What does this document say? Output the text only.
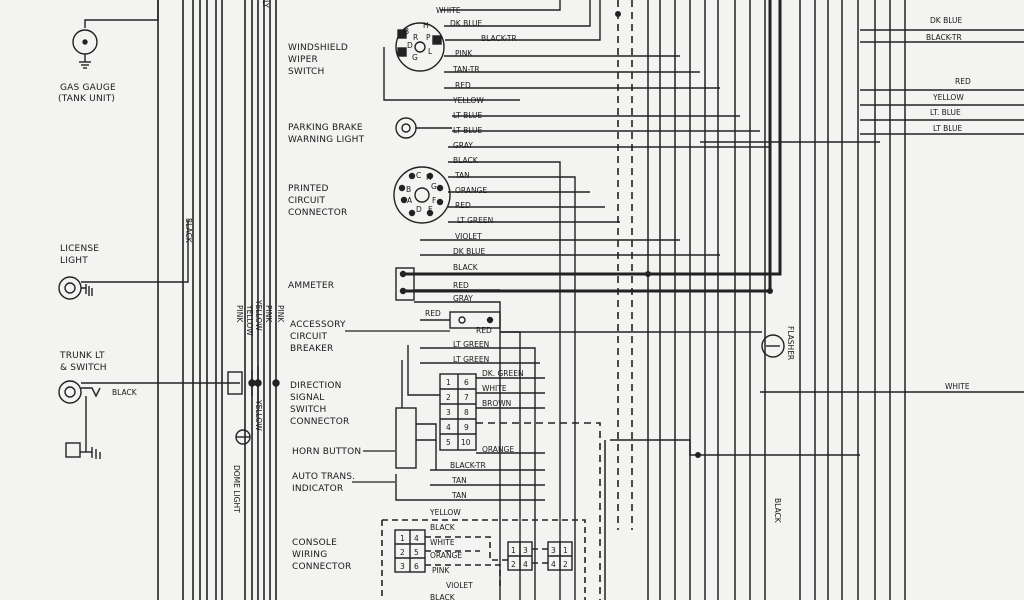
GAS GAUGE
(TANK UNIT)
LICENSE
LIGHT
TRUNK LT
& SWITCH
BLACK
BLACK
PINK YELLOW YELLOW PINK PINK
YELLOW
LY
DOME LIGHT
WINDSHIELD
WIPER
SWITCH
PARKING BRAKE
WARNING LIGHT
PRINTED
CIRCUIT
CONNECTOR
AMMETER
ACCESSORY
CIRCUIT
BREAKER
DIRECTION
SIGNAL
SWITCH
CONNECTOR
HORN BUTTON
AUTO TRANS.
INDICATOR
CONSOLE
WIRING
CONNECTOR
B
P
D
H
L
G
R
H
G
C
B
F
A
D E
1 6
2 7
3 8
4 9
5 10
1 4
2 5
3 6
1 3
2 4
3 1
4 2
FLASHER
BLACK
WHITE
DK BLUE
BLACK-TR
PINK
TAN-TR
RED
YELLOW
LT BLUE
LT BLUE
GRAY
BLACK
TAN
ORANGE
RED
LT GREEN
VIOLET
DK BLUE
BLACK
RED
GRAY
RED
RED
LT GREEN
LT GREEN
DK. GREEN
WHITE
BROWN
ORANGE
BLACK-TR
TAN
TAN
YELLOW
BLACK
WHITE
ORANGE
PINK
VIOLET
BLACK
DK BLUE
BLACK-TR
RED
YELLOW
LT. BLUE
LT BLUE
WHITE
